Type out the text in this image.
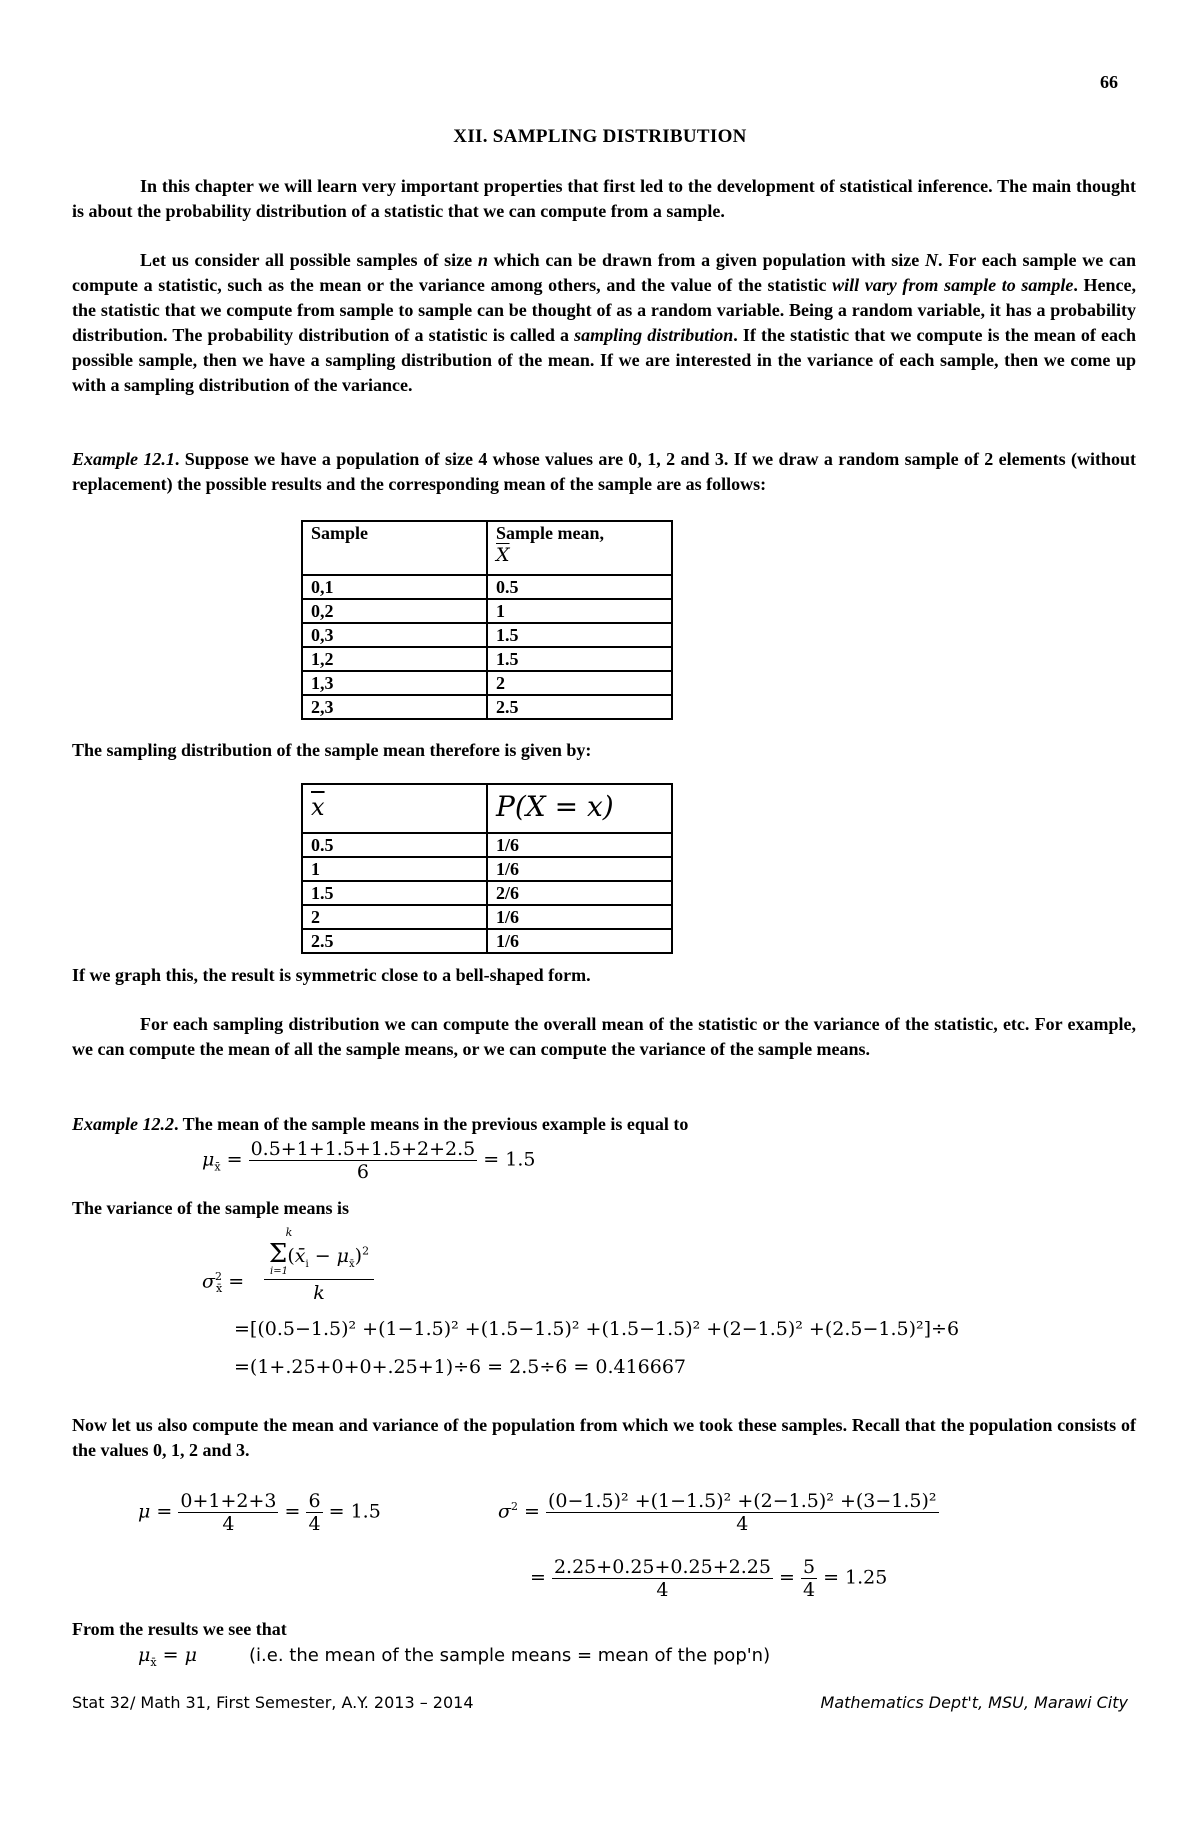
66
XII. SAMPLING DISTRIBUTION
In this chapter we will learn very important properties that first led to the development of statistical inference. The main thought is about the probability distribution of a statistic that we can compute from a sample.
Let us consider all possible samples of size n which can be drawn from a given population with size N. For each sample we can compute a statistic, such as the mean or the variance among others, and the value of the statistic will vary from sample to sample. Hence, the statistic that we compute from sample to sample can be thought of as a random variable. Being a random variable, it has a probability distribution. The probability distribution of a statistic is called a sampling distribution. If the statistic that we compute is the mean of each possible sample, then we have a sampling distribution of the mean. If we are interested in the variance of each sample, then we come up with a sampling distribution of the variance.
Example 12.1. Suppose we have a population of size 4 whose values are 0, 1, 2 and 3. If we draw a random sample of 2 elements (without replacement) the possible results and the corresponding mean of the sample are as follows:
Sample	Sample mean,
$\overline{X}$

0,1	0.5
0,2	1
0,3	1.5
1,2	1.5
1,3	2
2,3	2.5
The sampling distribution of the sample mean therefore is given by:
$\overline{x}$	P(X = x)
0.5	1/6
1	1/6
1.5	2/6
2	1/6
2.5	1/6
If we graph this, the result is symmetric close to a bell-shaped form.
For each sampling distribution we can compute the overall mean of the statistic or the variance of the statistic, etc. For example, we can compute the mean of all the sample means, or we can compute the variance of the sample means.
Example 12.2. The mean of the sample means in the previous example is equal to
$\mu_{x̄} = \frac{0.5+1+1.5+1.5+2+2.5}{6} = 1.5$
The variance of the sample means is
$\sigma^2_{x̄}$ =
k
$\Sigma(x̄_i - \mu_{x̄})^2$
i=1
k
=[(0.5−1.5)² +(1−1.5)² +(1.5−1.5)² +(1.5−1.5)² +(2−1.5)² +(2.5−1.5)²]÷6
=(1+.25+0+0+.25+1)÷6 = 2.5÷6 = 0.416667
Now let us also compute the mean and variance of the population from which we took these samples. Recall that the population consists of the values 0, 1, 2 and 3.
$\mu = \frac{0+1+2+3}{4} = \frac{6}{4} = 1.5$	$\sigma^2 = \frac{\text{(0−1.5)² +(1−1.5)² +(2−1.5)² +(3−1.5)²}}{4}$
= $\frac{2.25+0.25+0.25+2.25}{4} = \frac{5}{4} = 1.25$
From the results we see that
$\mu_{x̄} = \mu$	(i.e. the mean of the sample means = mean of the pop'n)
Stat 32/ Math 31, First Semester, A.Y. 2013 – 2014	Mathematics Dept't, MSU, Marawi City
